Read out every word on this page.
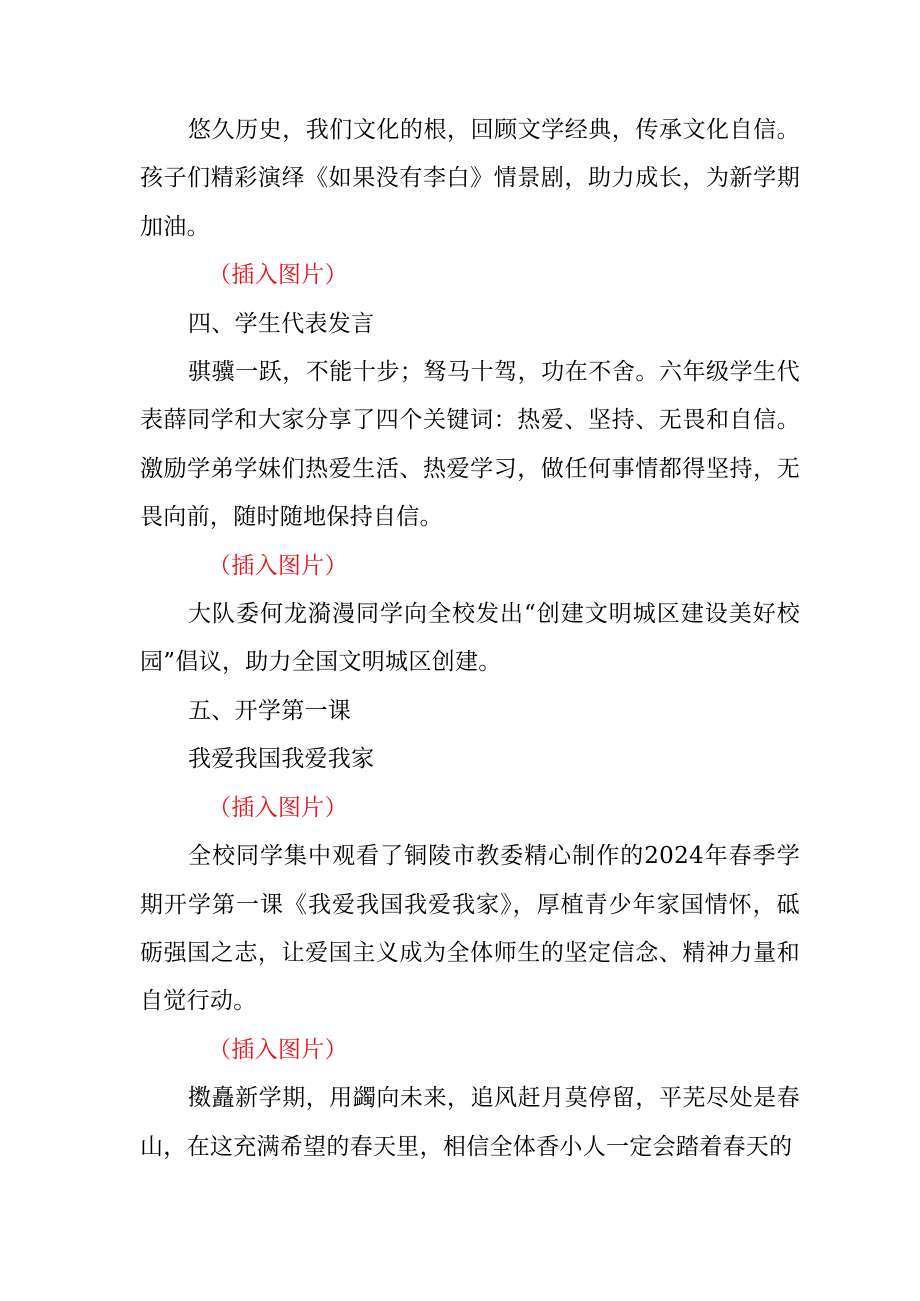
悠久历史，我们文化的根，回顾文学经典，传承文化自信。孩子们精彩演绎《如果没有李白》情景剧，助力成长，为新学期加油。

（插入图片）

四、学生代表发言

骐骥一跃，不能十步；驽马十驾，功在不舍。六年级学生代表薛同学和大家分享了四个关键词：热爱、坚持、无畏和自信。激励学弟学妹们热爱生活、热爱学习，做任何事情都得坚持，无畏向前，随时随地保持自信。

（插入图片）

大队委何龙漪漫同学向全校发出“创建文明城区建设美好校园”倡议，助力全国文明城区创建。

五、开学第一课

我爱我国我爱我家

（插入图片）

全校同学集中观看了铜陵市教委精心制作的2024年春季学期开学第一课《我爱我国我爱我家》，厚植青少年家国情怀，砥砺强国之志，让爱国主义成为全体师生的坚定信念、精神力量和自觉行动。

（插入图片）

擞矗新学期，用蠲向未来，追风赶月莫停留，平芜尽处是春山，在这充满希望的春天里，相信全体香小人一定会踏着春天的
